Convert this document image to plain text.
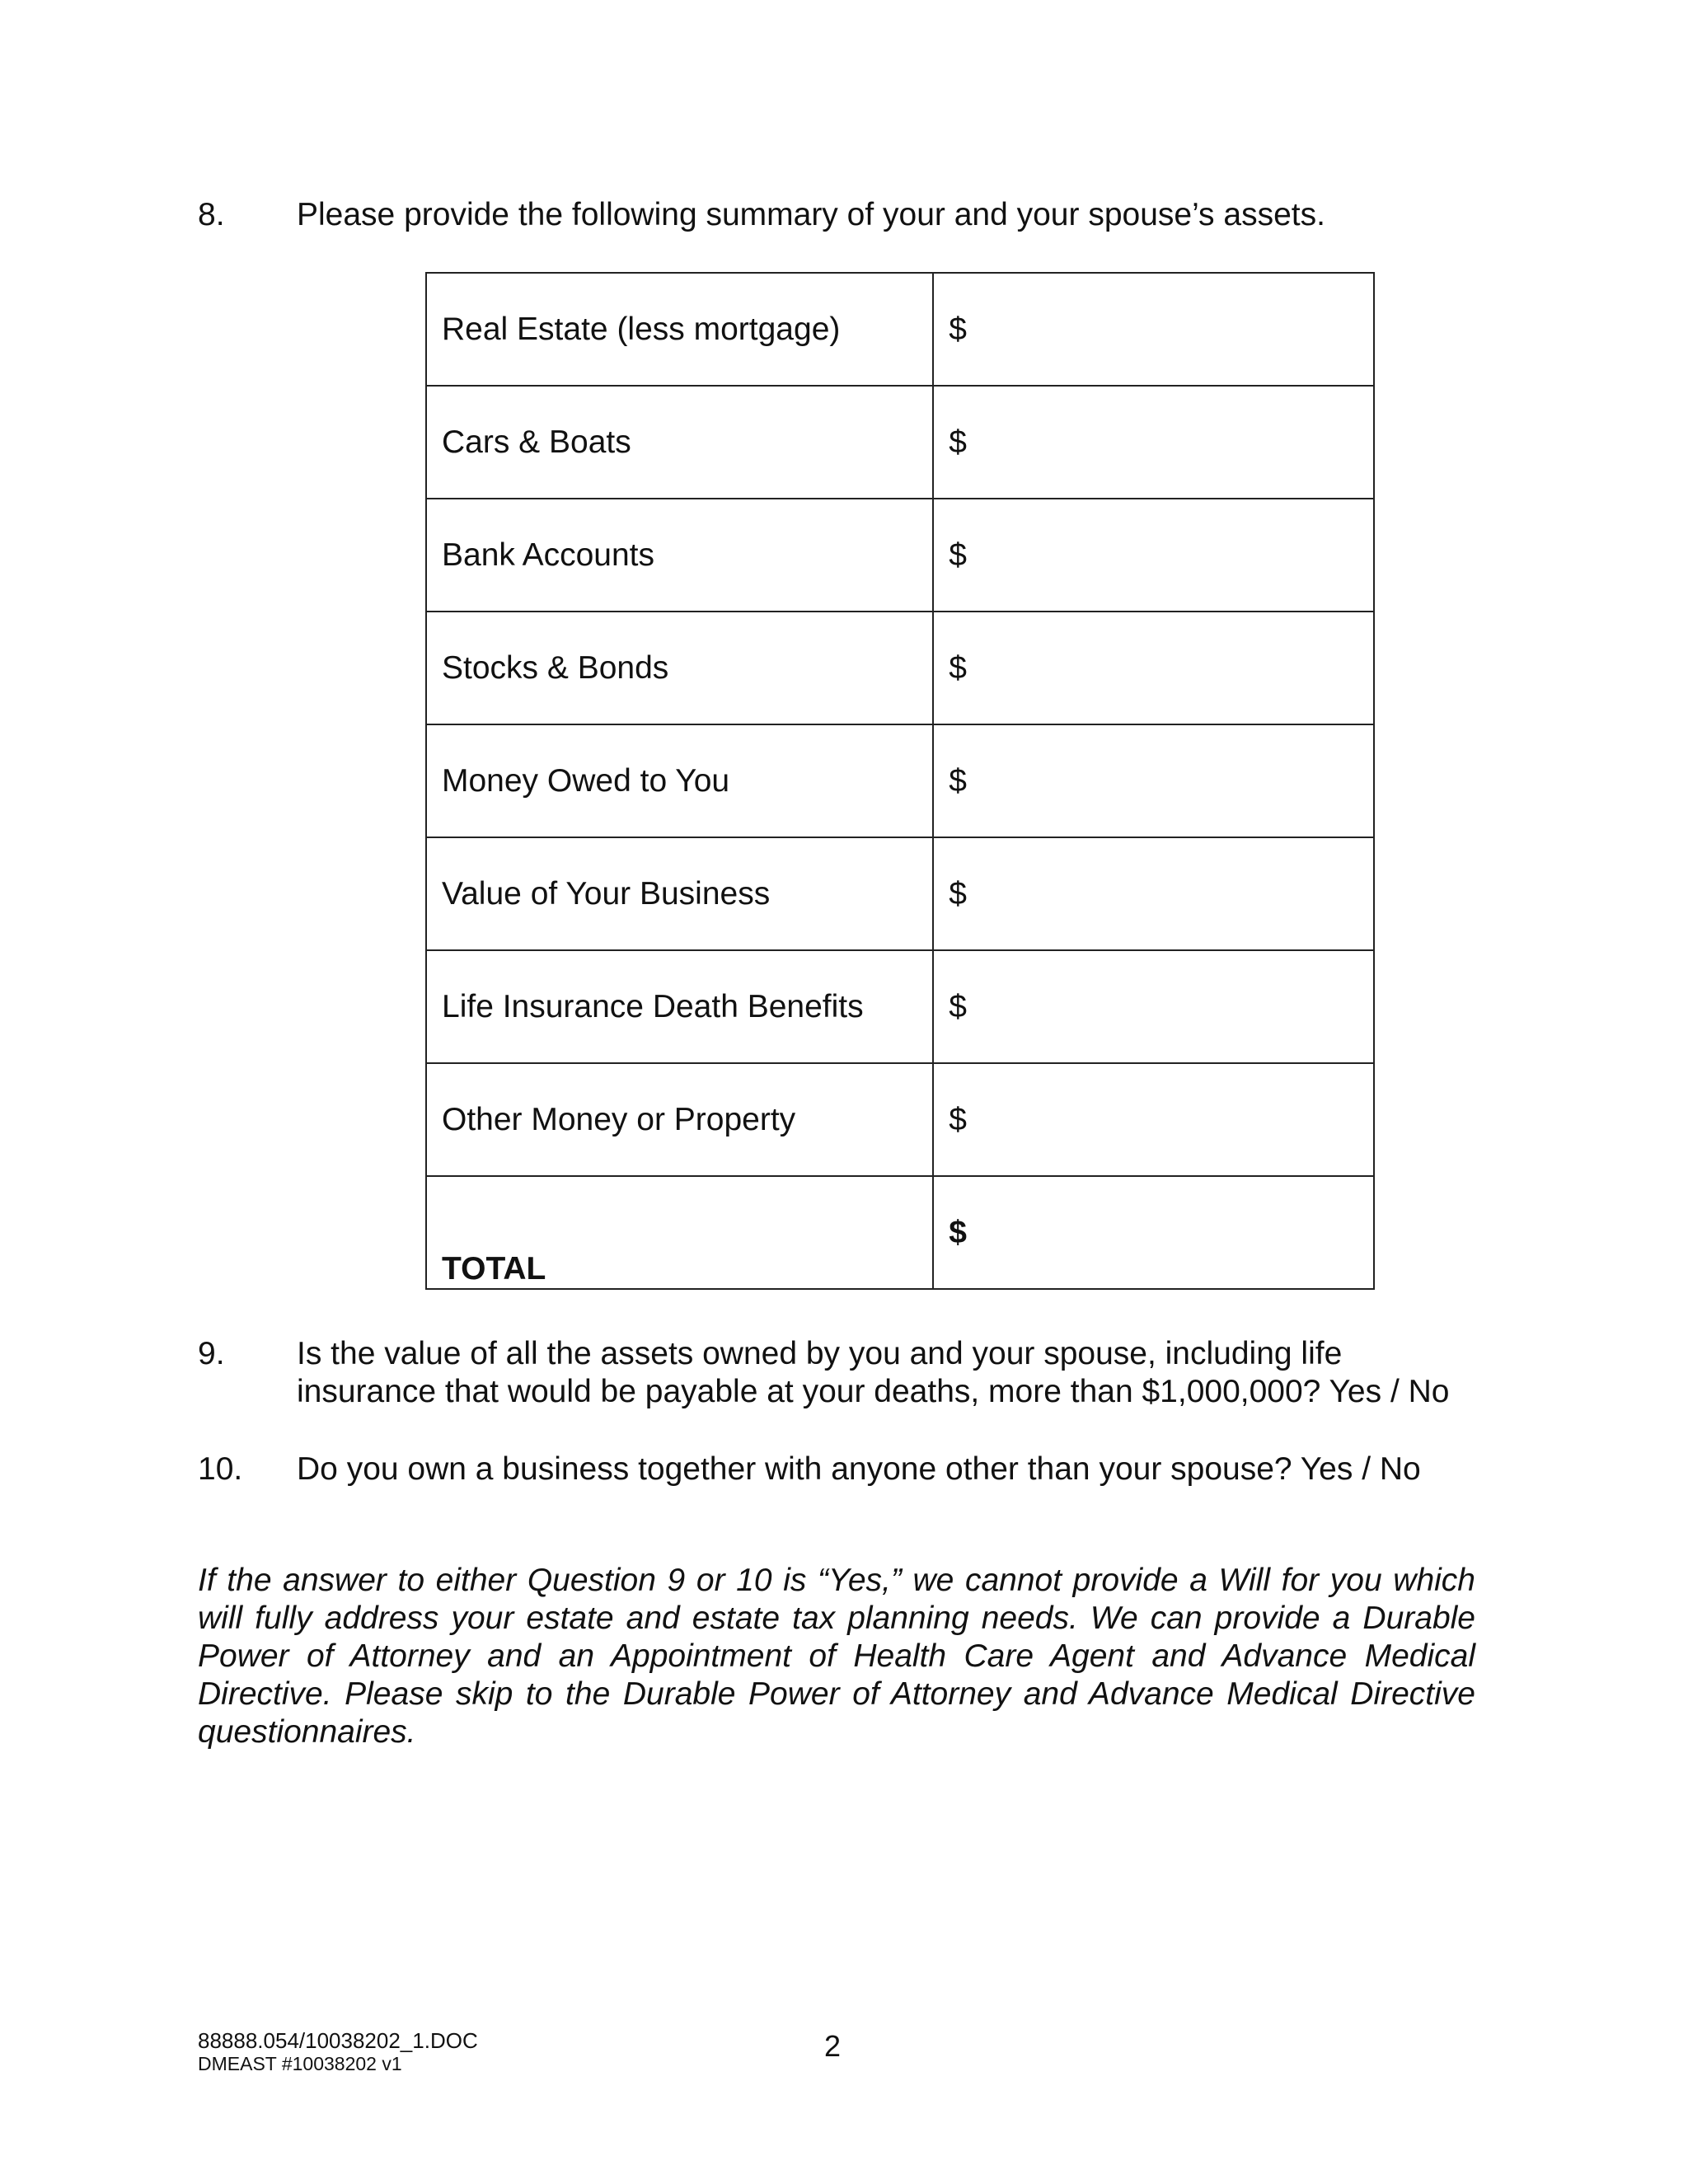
8.	Please provide the following summary of your and your spouse’s assets.
Real Estate (less mortgage)	$
Cars & Boats	$
Bank Accounts	$
Stocks & Bonds	$
Money Owed to You	$
Value of Your Business	$
Life Insurance Death Benefits	$
Other Money or Property	$
TOTAL	$
9.	Is the value of all the assets owned by you and your spouse, including life
insurance that would be payable at your deaths, more than $1,000,000? Yes / No
10.	Do you own a business together with anyone other than your spouse? Yes / No
If the answer to either Question 9 or 10 is “Yes,” we cannot provide a Will for you which will fully address your estate and estate tax planning needs. We can provide a Durable Power of Attorney and an Appointment of Health Care Agent and Advance Medical Directive. Please skip to the Durable Power of Attorney and Advance Medical Directive questionnaires.
88888.054/10038202_1.DOC
DMEAST #10038202 v1
2
